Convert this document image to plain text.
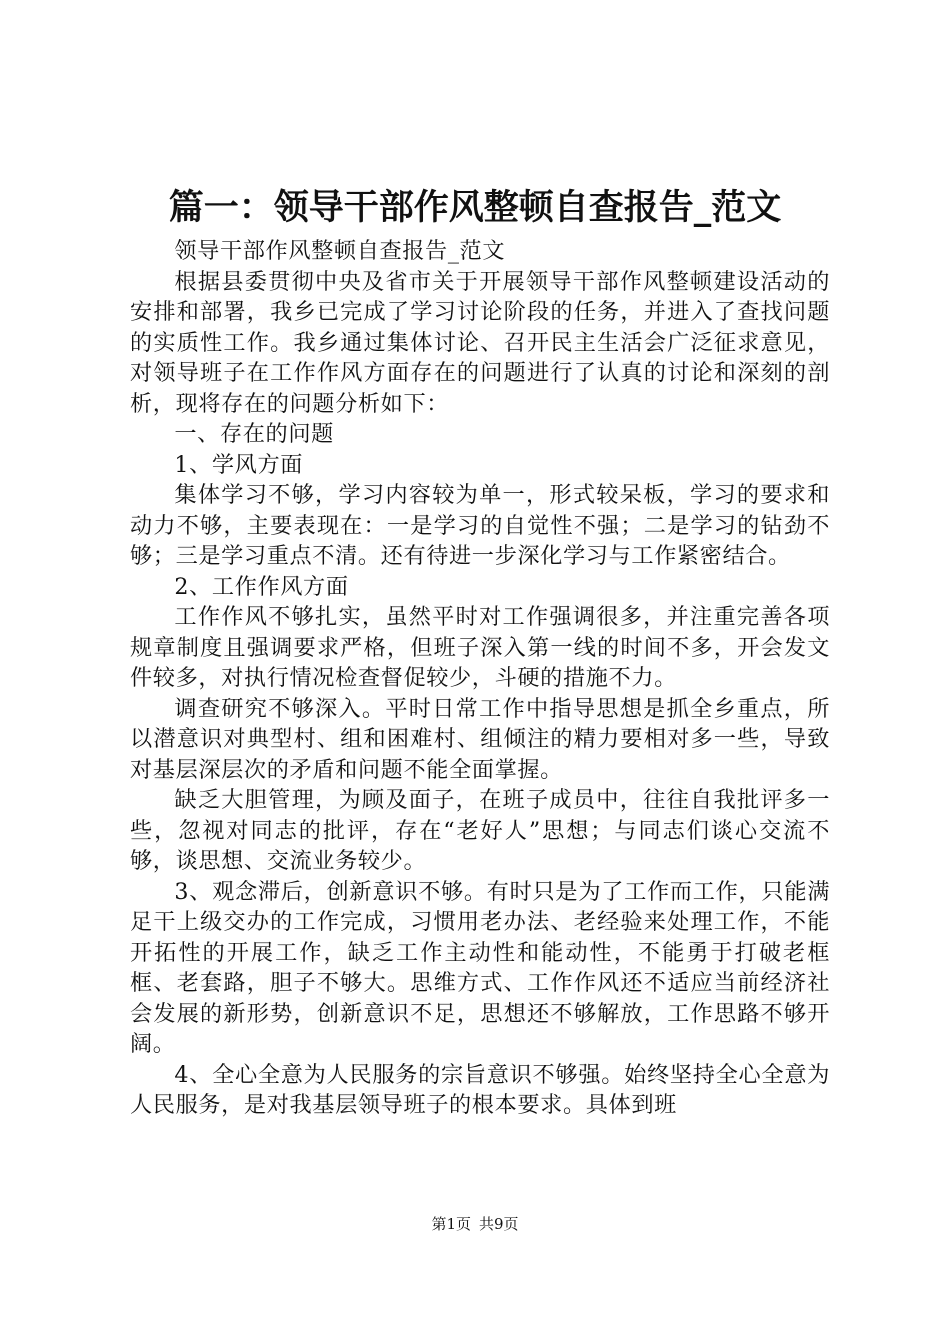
篇一：领导干部作风整顿自查报告_范文

领导干部作风整顿自查报告_范文

根据县委贯彻中央及省市关于开展领导干部作风整顿建设活动的安排和部署，我乡已完成了学习讨论阶段的任务，并进入了查找问题的实质性工作。我乡通过集体讨论、召开民主生活会广泛征求意见，对领导班子在工作作风方面存在的问题进行了认真的讨论和深刻的剖析，现将存在的问题分析如下：

一、存在的问题

1、学风方面

集体学习不够，学习内容较为单一，形式较呆板，学习的要求和动力不够，主要表现在：一是学习的自觉性不强；二是学习的钻劲不够；三是学习重点不清。还有待进一步深化学习与工作紧密结合。

2、工作作风方面

工作作风不够扎实，虽然平时对工作强调很多，并注重完善各项规章制度且强调要求严格，但班子深入第一线的时间不多，开会发文件较多，对执行情况检查督促较少，斗硬的措施不力。

调查研究不够深入。平时日常工作中指导思想是抓全乡重点，所以潜意识对典型村、组和困难村、组倾注的精力要相对多一些，导致对基层深层次的矛盾和问题不能全面掌握。

缺乏大胆管理，为顾及面子，在班子成员中，往往自我批评多一些，忽视对同志的批评，存在“老好人”思想；与同志们谈心交流不够，谈思想、交流业务较少。

3、观念滞后，创新意识不够。有时只是为了工作而工作，只能满足干上级交办的工作完成，习惯用老办法、老经验来处理工作，不能开拓性的开展工作，缺乏工作主动性和能动性，不能勇于打破老框框、老套路，胆子不够大。思维方式、工作作风还不适应当前经济社会发展的新形势，创新意识不足，思想还不够解放，工作思路不够开阔。

4、全心全意为人民服务的宗旨意识不够强。始终坚持全心全意为人民服务，是对我基层领导班子的根本要求。具体到班

第1页 共9页
